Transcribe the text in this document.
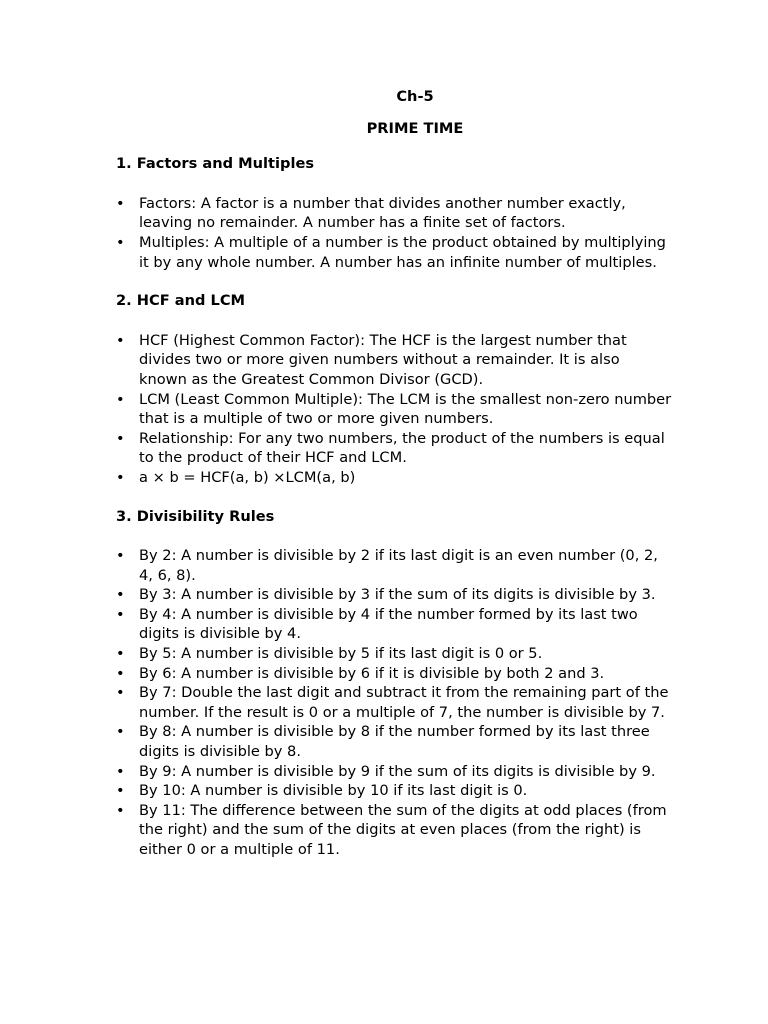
Ch-5

PRIME TIME

1. Factors and Multiples

• Factors: A factor is a number that divides another number exactly, leaving no remainder. A number has a finite set of factors.
• Multiples: A multiple of a number is the product obtained by multiplying it by any whole number. A number has an infinite number of multiples.

2. HCF and LCM

• HCF (Highest Common Factor): The HCF is the largest number that divides two or more given numbers without a remainder. It is also known as the Greatest Common Divisor (GCD).
• LCM (Least Common Multiple): The LCM is the smallest non-zero number that is a multiple of two or more given numbers.
• Relationship: For any two numbers, the product of the numbers is equal to the product of their HCF and LCM.
• a × b = HCF(a, b) ×LCM(a, b)

3. Divisibility Rules

• By 2: A number is divisible by 2 if its last digit is an even number (0, 2, 4, 6, 8).
• By 3: A number is divisible by 3 if the sum of its digits is divisible by 3.
• By 4: A number is divisible by 4 if the number formed by its last two digits is divisible by 4.
• By 5: A number is divisible by 5 if its last digit is 0 or 5.
• By 6: A number is divisible by 6 if it is divisible by both 2 and 3.
• By 7: Double the last digit and subtract it from the remaining part of the number. If the result is 0 or a multiple of 7, the number is divisible by 7.
• By 8: A number is divisible by 8 if the number formed by its last three digits is divisible by 8.
• By 9: A number is divisible by 9 if the sum of its digits is divisible by 9.
• By 10: A number is divisible by 10 if its last digit is 0.
• By 11: The difference between the sum of the digits at odd places (from the right) and the sum of the digits at even places (from the right) is either 0 or a multiple of 11.
